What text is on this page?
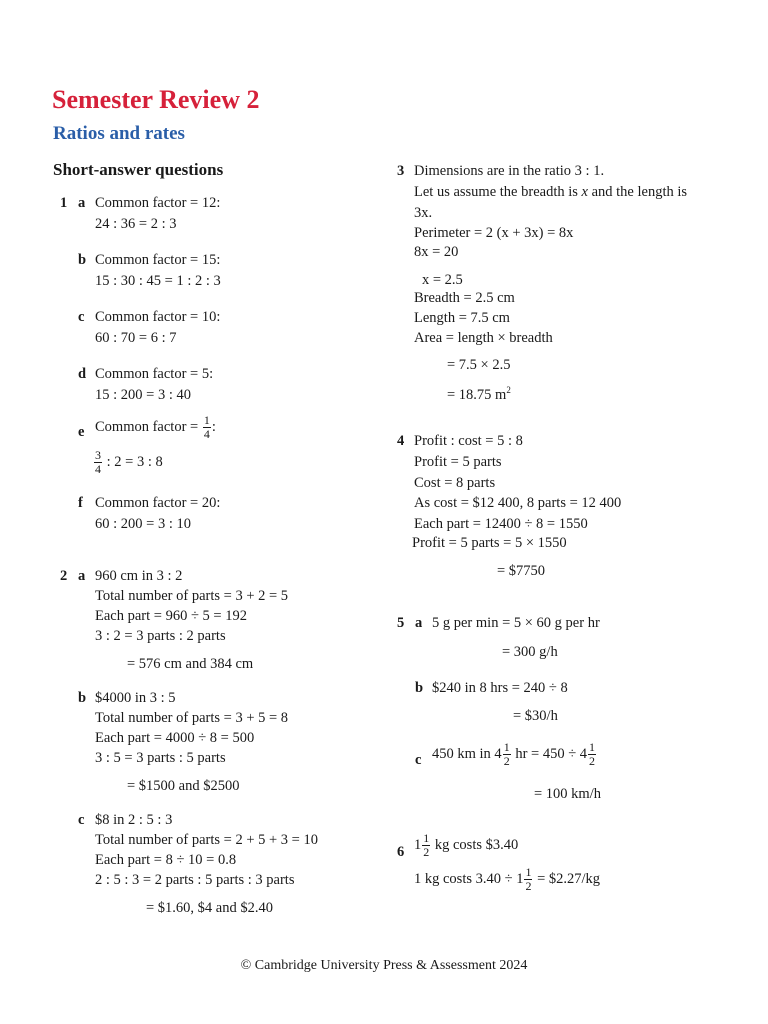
Semester Review 2
Ratios and rates
Short-answer questions
1 a Common factor = 12:
24 : 36 = 2 : 3
b Common factor = 15:
15 : 30 : 45 = 1 : 2 : 3
c Common factor = 10:
60 : 70 = 6 : 7
d Common factor = 5:
15 : 200 = 3 : 40
e Common factor = $\frac{1}{4}$ :
$\frac{3}{4}$ : 2 = 3 : 8
f Common factor = 20:
60 : 200 = 3 : 10
2 a 960 cm in 3 : 2
Total number of parts = 3 + 2 = 5
Each part = 960 ÷ 5 = 192
3 : 2 = 3 parts : 2 parts
= 576 cm and 384 cm
b $4000 in 3 : 5
Total number of parts = 3 + 5 = 8
Each part = 4000 ÷ 8 = 500
3 : 5 = 3 parts : 5 parts
= $1500 and $2500
c $8 in 2 : 5 : 3
Total number of parts = 2 + 5 + 3 = 10
Each part = 8 ÷ 10 = 0.8
2 : 5 : 3 = 2 parts : 5 parts : 3 parts
= $1.60, $4 and $2.40
3 Dimensions are in the ratio 3 : 1.
Let us assume the breadth is x and the length is
3x.
Perimeter = 2 (x + 3x) = 8x
8x = 20
x = 2.5
Breadth = 2.5 cm
Length = 7.5 cm
Area = length × breadth
= 7.5 × 2.5
= 18.75 $m^2$
4 Profit : cost = 5 : 8
Profit = 5 parts
Cost = 8 parts
As cost = $12 400, 8 parts = 12 400
Each part = 12400 ÷ 8 = 1550
Profit = 5 parts = 5 × 1550
= $7750
5 a 5 g per min = 5 × 60 g per hr
= 300 g/h
b $240 in 8 hrs = 240 ÷ 8
= $30/h
c 450 km in $4 \frac{1}{2}$ hr = $450 \div 4 \frac{1}{2}$
= 100 km/h
6 $1 \frac{1}{2}$ kg costs $3.40
1 kg costs $3.40 \div 1 \frac{1}{2}$ = $2.27/kg
© Cambridge University Press & Assessment 2024
